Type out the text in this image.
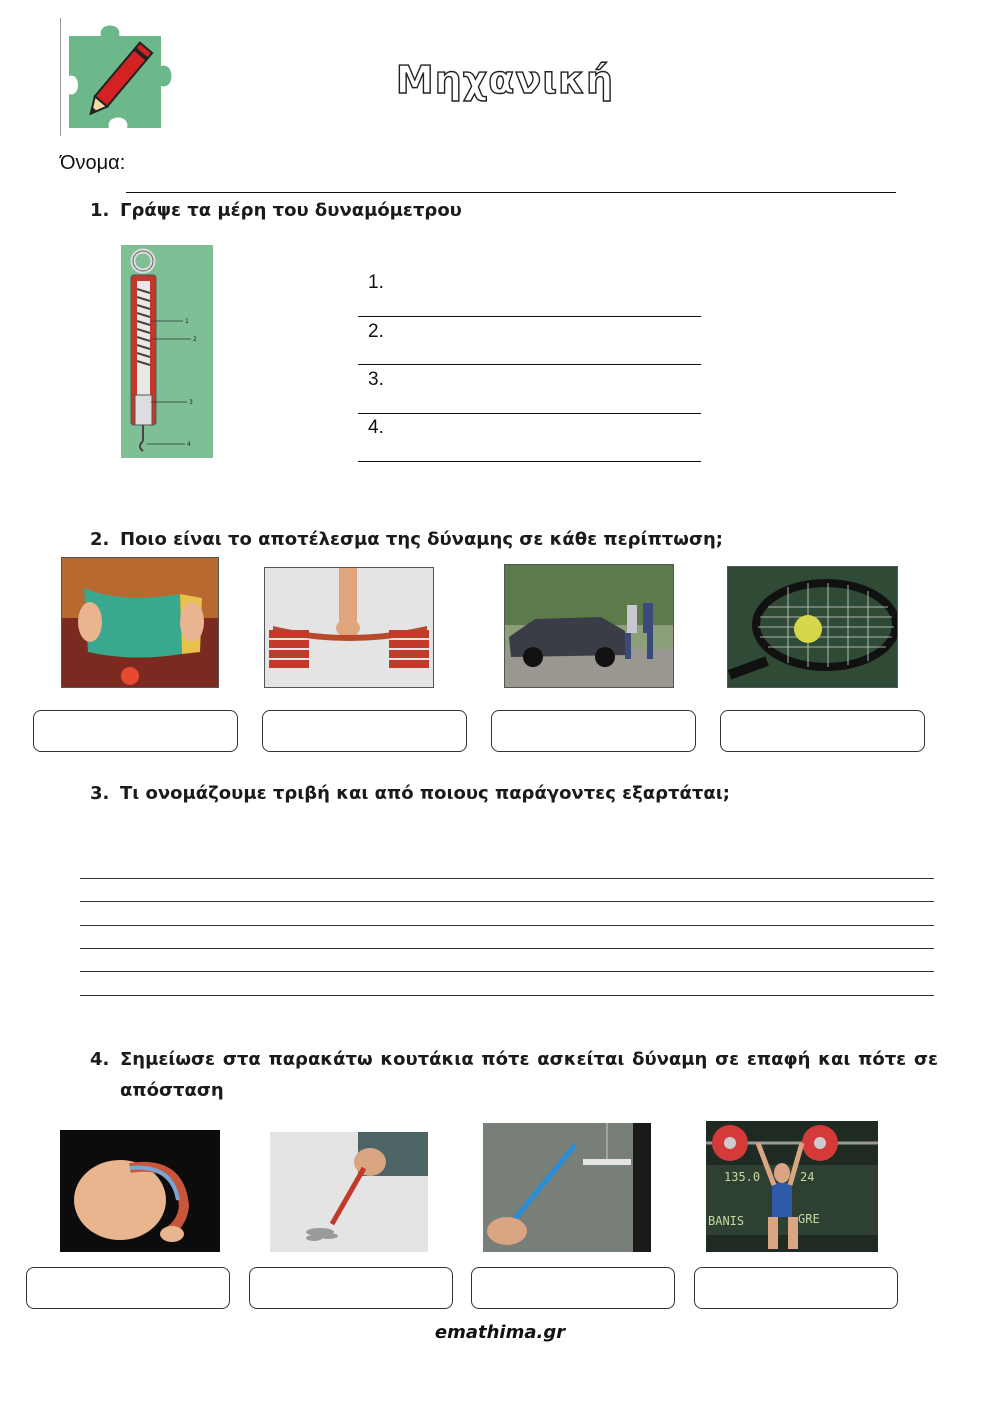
Μηχανική
Όνομα:
1. Γράψε τα μέρη του δυναμόμετρου
1
2
3
4
1.
2.
3.
4.
2. Ποιο είναι το αποτέλεσμα της δύναμης σε κάθε περίπτωση;
3. Τι ονομάζουμε τριβή και από ποιους παράγοντες εξαρτάται;
4. Σημείωσε στα παρακάτω κουτάκια πότε ασκείται δύναμη σε επαφή και πότε σε
απόσταση
135.0	24
BANIS	GRE
emathima.gr
